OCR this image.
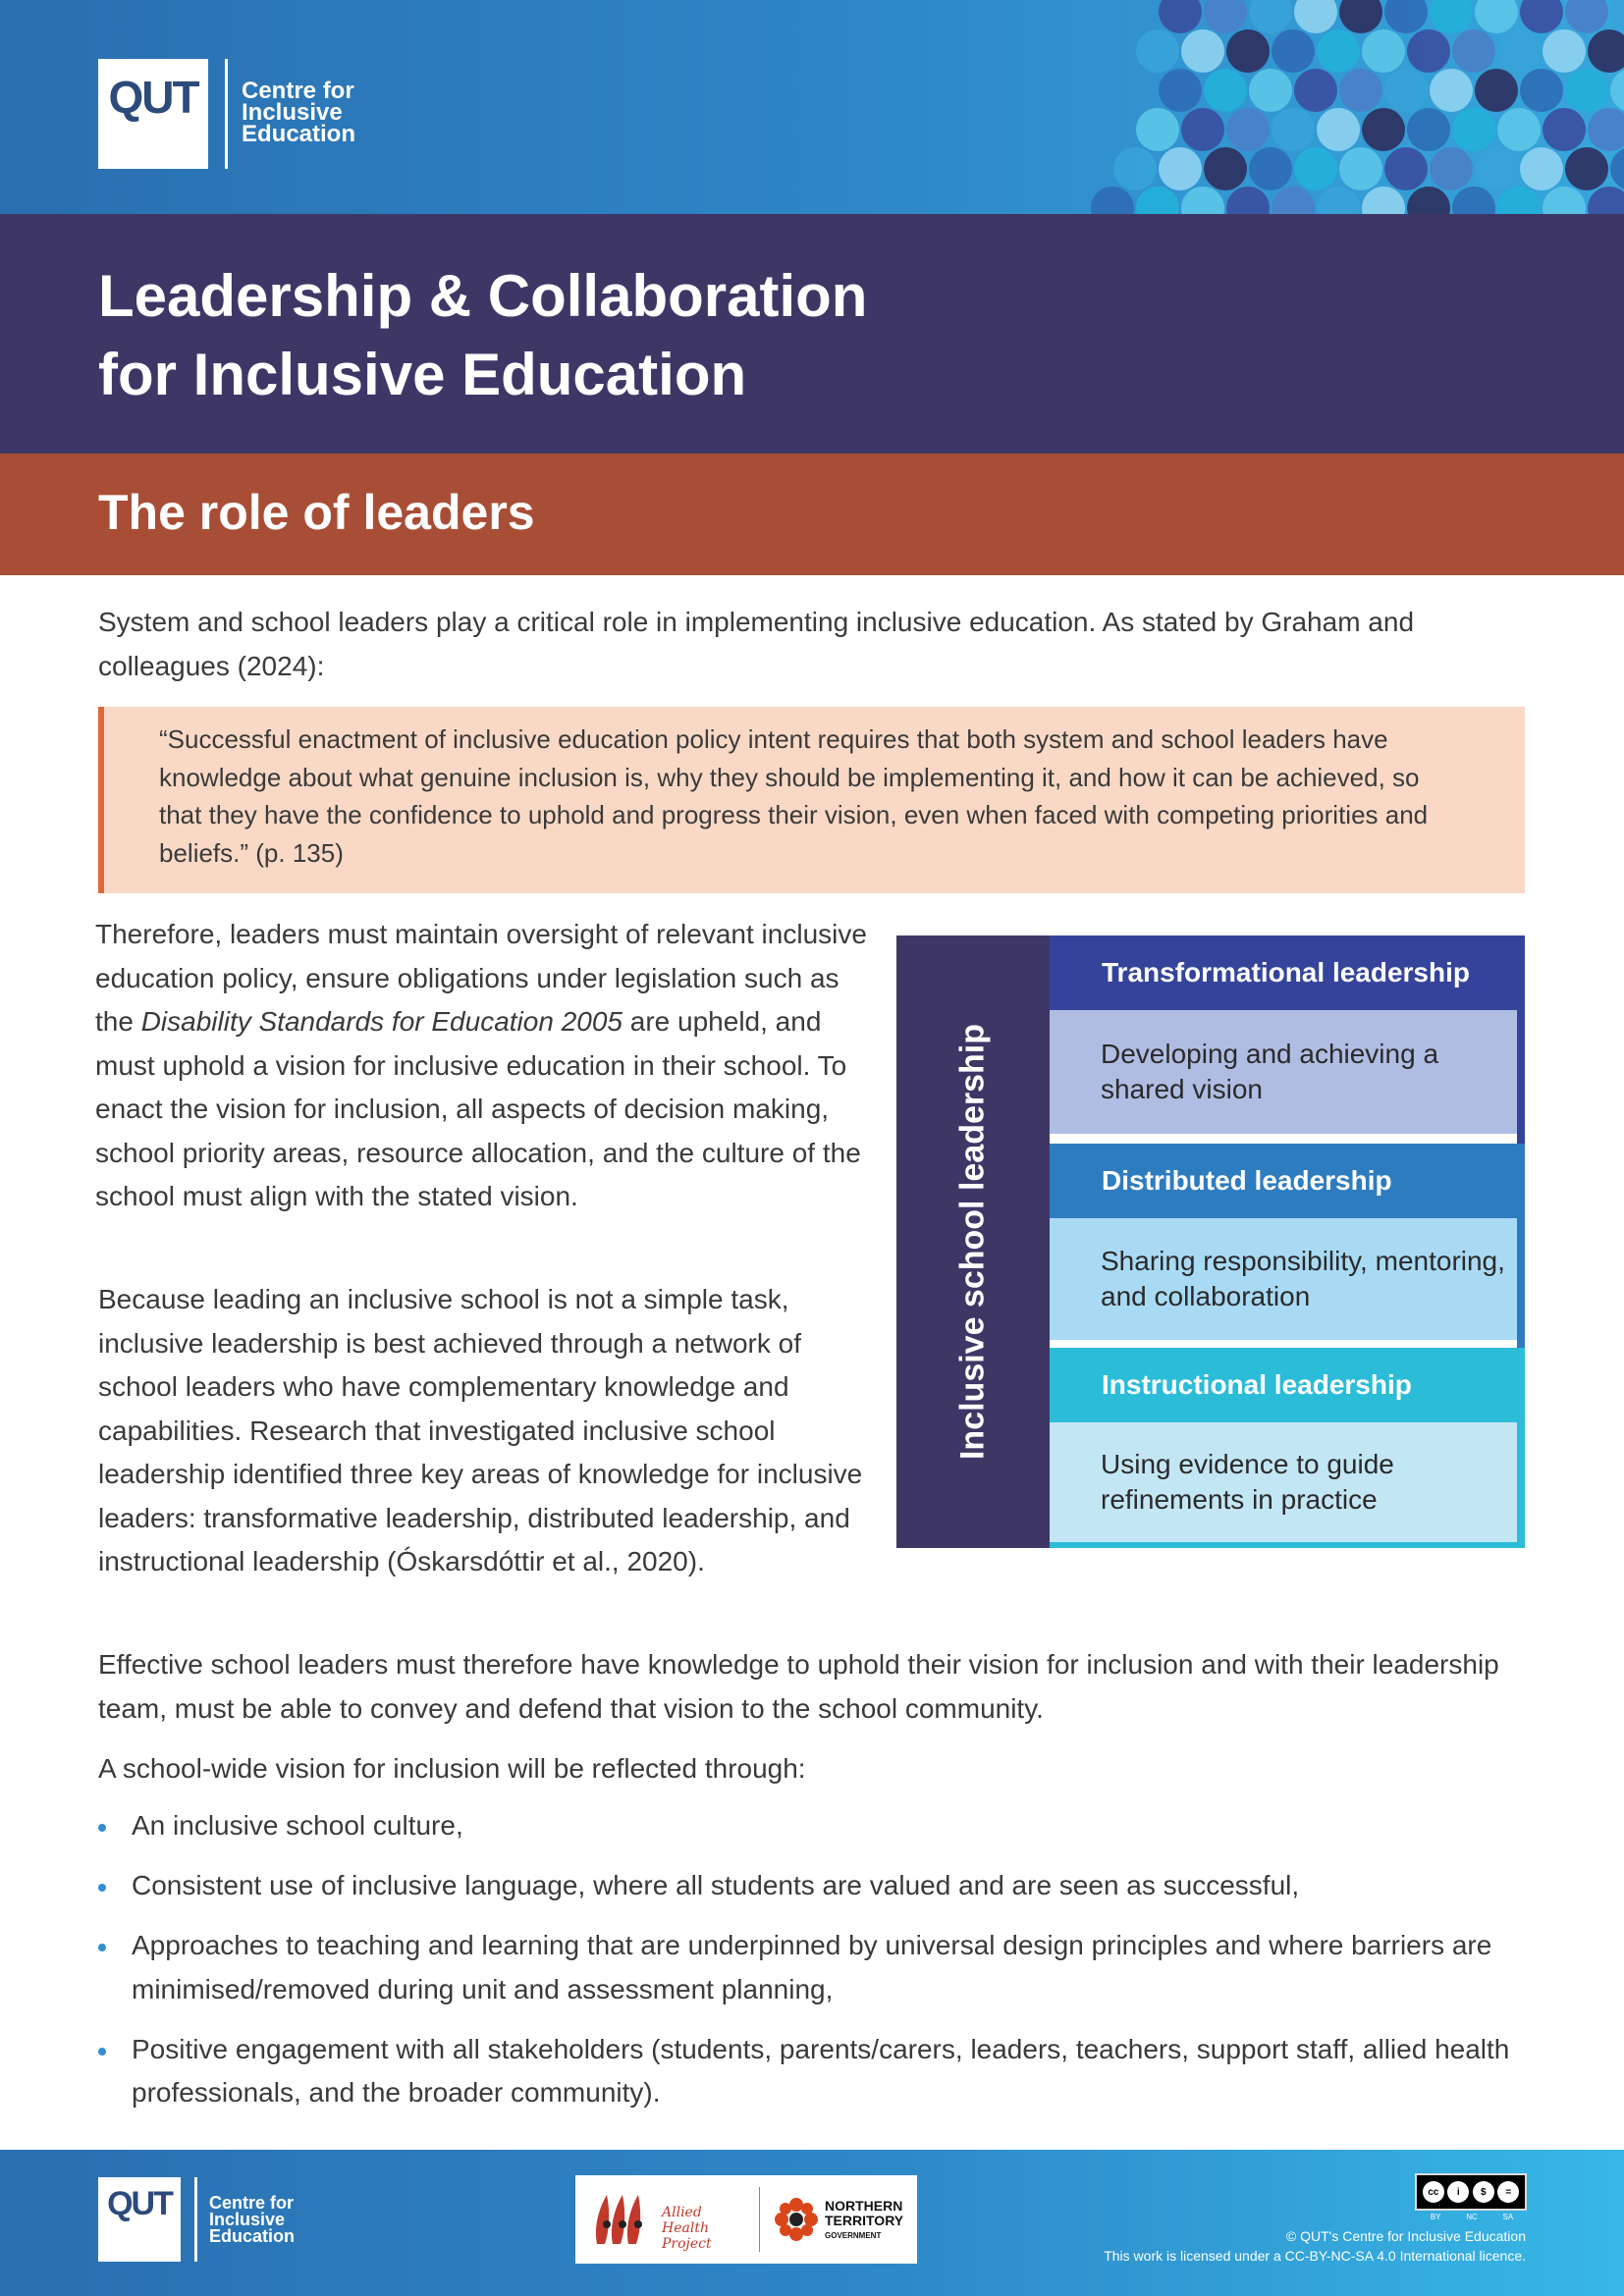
QUT Centre for
Inclusive
Education
Leadership & Collaboration
for Inclusive Education
The role of leaders

System and school leaders play a critical role in implementing inclusive education. As stated by Graham and colleagues (2024):

“Successful enactment of inclusive education policy intent requires that both system and school leaders have knowledge about what genuine inclusion is, why they should be implementing it, and how it can be achieved, so that they have the confidence to uphold and progress their vision, even when faced with competing priorities and beliefs.” (p. 135)

Therefore, leaders must maintain oversight of relevant inclusive education policy, ensure obligations under legislation such as the Disability Standards for Education 2005 are upheld, and must uphold a vision for inclusive education in their school. To enact the vision for inclusion, all aspects of decision making, school priority areas, resource allocation, and the culture of the school must align with the stated vision.

Because leading an inclusive school is not a simple task, inclusive leadership is best achieved through a network of school leaders who have complementary knowledge and capabilities. Research that investigated inclusive school leadership identified three key areas of knowledge for inclusive leaders: transformative leadership, distributed leadership, and instructional leadership (Óskarsdóttir et al., 2020).

Inclusive school leadership
Transformational leadership
Developing and achieving a shared vision
Distributed leadership
Sharing responsibility, mentoring, and collaboration
Instructional leadership
Using evidence to guide refinements in practice

Effective school leaders must therefore have knowledge to uphold their vision for inclusion and with their leadership team, must be able to convey and defend that vision to the school community.

A school-wide vision for inclusion will be reflected through:

An inclusive school culture,
Consistent use of inclusive language, where all students are valued and are seen as successful,
Approaches to teaching and learning that are underpinned by universal design principles and where barriers are minimised/removed during unit and assessment planning,
Positive engagement with all stakeholders (students, parents/carers, leaders, teachers, support staff, allied health professionals, and the broader community).
QUT Centre for
Inclusive
Education
Allied Health
Project
NORTHERN
TERRITORY
GOVERNMENT
cc	i	$	=
BY	NC	SA
© QUT's Centre for Inclusive Education
This work is licensed under a CC-BY-NC-SA 4.0 International licence.
